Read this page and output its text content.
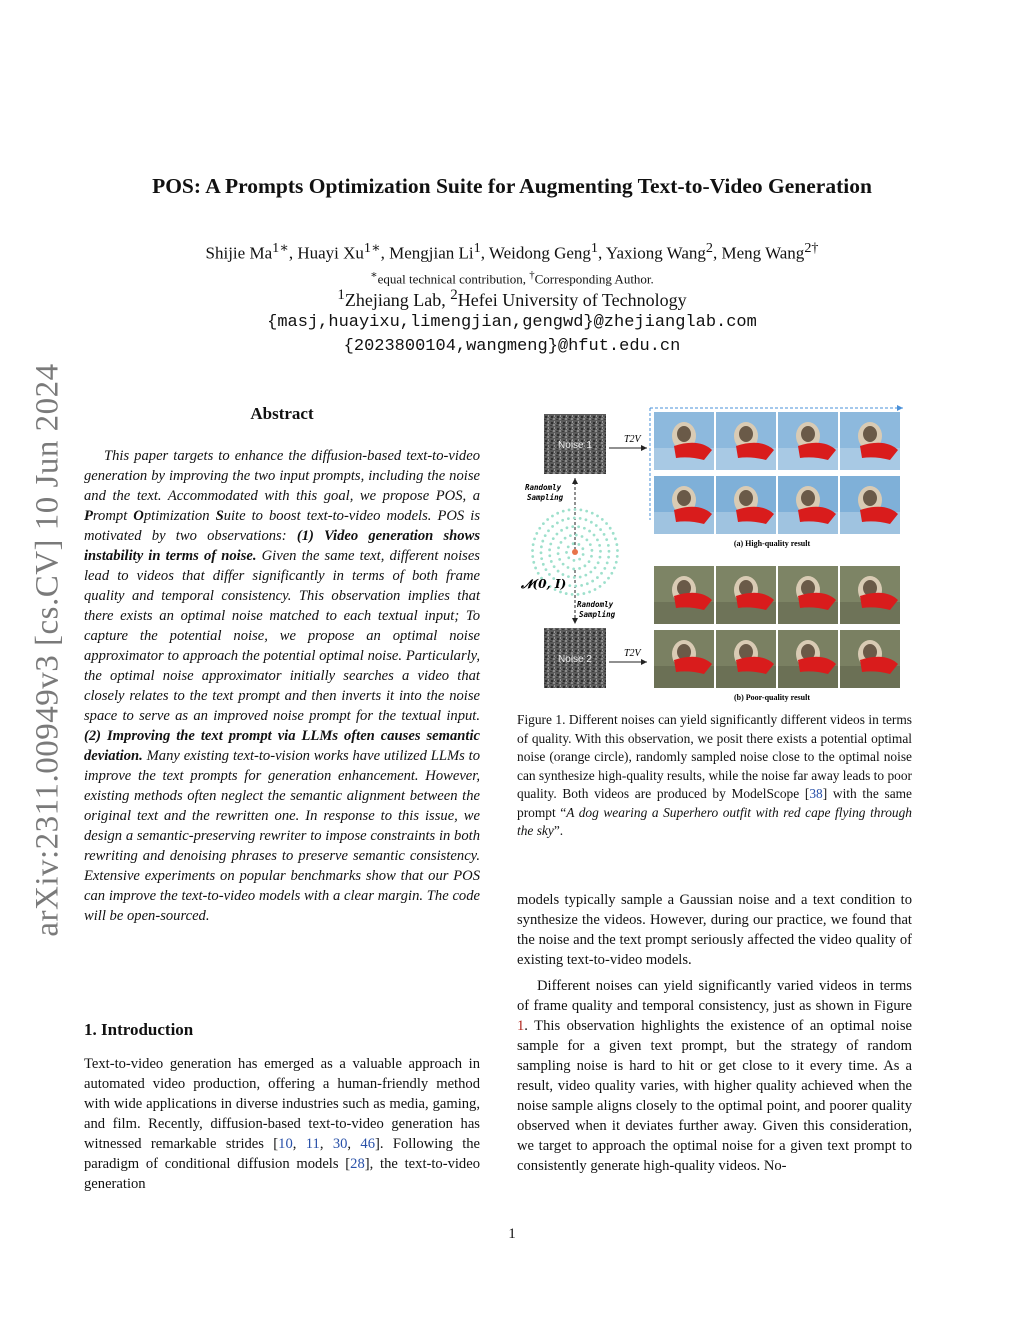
arXiv:2311.00949v3 [cs.CV] 10 Jun 2024
POS: A Prompts Optimization Suite for Augmenting Text-to-Video Generation
Shijie $Ma^{1∗}$, Huayi $Xu^{1∗}$, Mengjian Li$^1$, Weidong Geng$^1$, Yaxiong Wang$^2$, Meng Wang$^{2\dagger}$
∗equal technical contribution, †Corresponding Author.
$^1$Zhejiang Lab, $^2$Hefei University of Technology
{masj,huayixu,limengjian,gengwd}@zhejianglab.com
{2023800104,wangmeng}@hfut.edu.cn
Abstract

This paper targets to enhance the diffusion-based text-to-video generation by improving the two input prompts, including the noise and the text. Accommodated with this goal, we propose POS, a Prompt Optimization Suite to boost text-to-video models. POS is motivated by two observations: (1) Video generation shows instability in terms of noise. Given the same text, different noises lead to videos that differ significantly in terms of both frame quality and temporal consistency. This observation implies that there exists an optimal noise matched to each textual input; To capture the potential noise, we propose an optimal noise approximator to approach the potential optimal noise. Particularly, the optimal noise approximator initially searches a video that closely relates to the text prompt and then inverts it into the noise space to serve as an improved noise prompt for the textual input. (2) Improving the text prompt via LLMs often causes semantic deviation. Many existing text-to-vision works have utilized LLMs to improve the text prompts for generation enhancement. However, existing methods often neglect the semantic alignment between the original text and the rewritten one. In response to this issue, we design a semantic-preserving rewriter to impose constraints in both rewriting and denoising phrases to preserve semantic consistency. Extensive experiments on popular benchmarks show that our POS can improve the text-to-video models with a clear margin. The code will be open-sourced.

1. Introduction

Text-to-video generation has emerged as a valuable approach in automated video production, offering a human-friendly method with wide applications in diverse industries such as media, gaming, and film. Recently, diffusion-based text-to-video generation has witnessed remarkable strides [10, 11, 30, 46]. Following the paradigm of conditional diffusion models [28], the text-to-video generation

Noise 1
T2V
Noise 2
T2V
Randomly
Sampling
Randomly
Sampling
𝓝(0, I)
(a) High-quality result
(b) Poor-quality result
Figure 1. Different noises can yield significantly different videos in terms of quality. With this observation, we posit there exists a potential optimal noise (orange circle), randomly sampled noise close to the optimal noise can synthesize high-quality results, while the noise far away leads to poor quality. Both videos are produced by ModelScope [38] with the same prompt “A dog wearing a Superhero outfit with red cape flying through the sky”.

models typically sample a Gaussian noise and a text condition to synthesize the videos. However, during our practice, we found that the noise and the text prompt seriously affected the video quality of existing text-to-video models.

Different noises can yield significantly varied videos in terms of frame quality and temporal consistency, just as shown in Figure 1. This observation highlights the existence of an optimal noise sample for a given text prompt, but the strategy of random sampling noise is hard to hit or get close to it every time. As a result, video quality varies, with higher quality achieved when the noise sample aligns closely to the optimal point, and poorer quality observed when it deviates further away. Given this consideration, we target to approach the optimal noise for a given text prompt to consistently generate high-quality videos. No-

1
